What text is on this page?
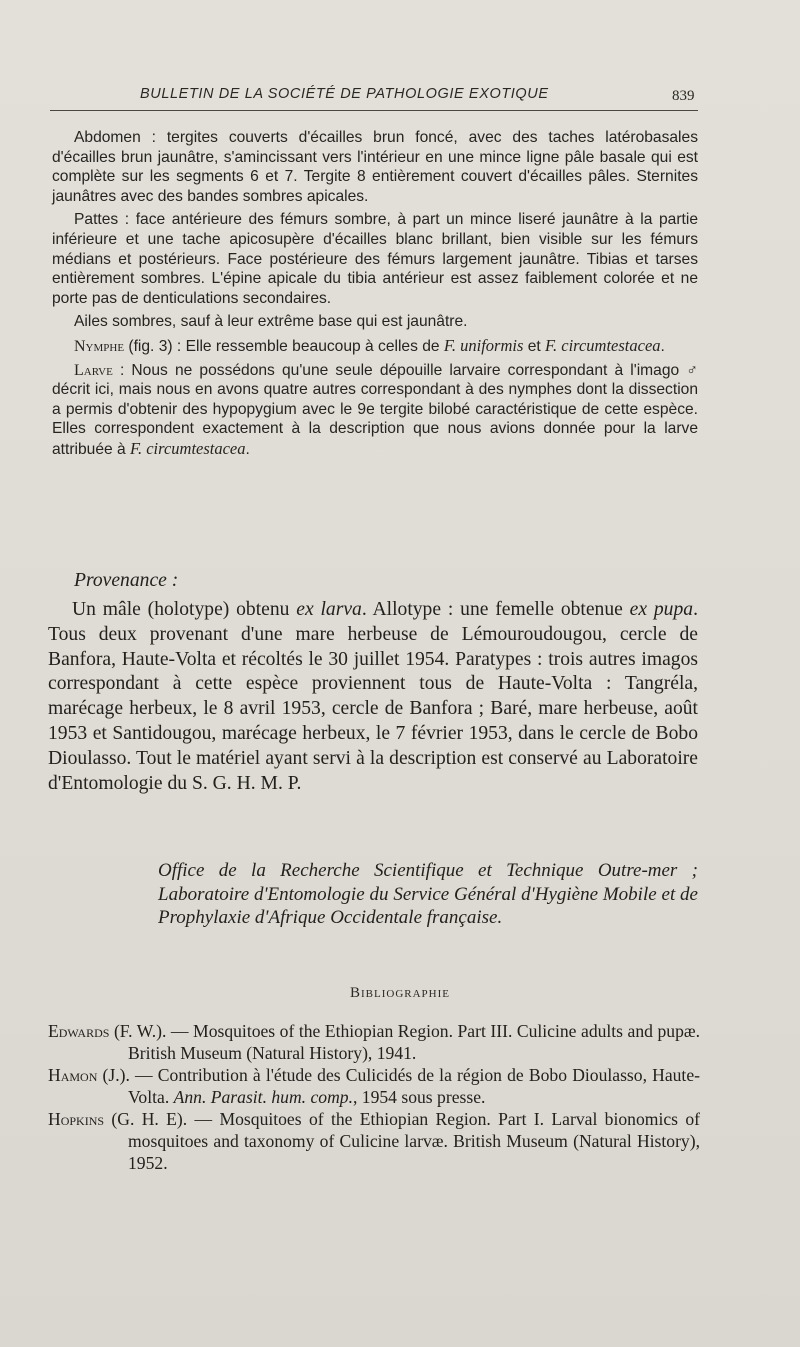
BULLETIN DE LA SOCIÉTÉ DE PATHOLOGIE EXOTIQUE	839

Abdomen : tergites couverts d'écailles brun foncé, avec des taches latérobasales d'écailles brun jaunâtre, s'amincissant vers l'intérieur en une mince ligne pâle basale qui est complète sur les segments 6 et 7. Tergite 8 entièrement couvert d'écailles pâles. Sternites jaunâtres avec des bandes sombres apicales.

Pattes : face antérieure des fémurs sombre, à part un mince liseré jaunâtre à la partie inférieure et une tache apicosupère d'écailles blanc brillant, bien visible sur les fémurs médians et postérieurs. Face postérieure des fémurs largement jaunâtre. Tibias et tarses entièrement sombres. L'épine apicale du tibia antérieur est assez faiblement colorée et ne porte pas de denticulations secondaires.

Ailes sombres, sauf à leur extrême base qui est jaunâtre.

Nymphe (fig. 3) : Elle ressemble beaucoup à celles de F. uniformis et F. circumtestacea.

Larve : Nous ne possédons qu'une seule dépouille larvaire correspondant à l'imago ♂ décrit ici, mais nous en avons quatre autres correspondant à des nymphes dont la dissection a permis d'obtenir des hypopygium avec le 9e tergite bilobé caractéristique de cette espèce. Elles correspondent exactement à la description que nous avions donnée pour la larve attribuée à F. circumtestacea.

Provenance :

Un mâle (holotype) obtenu ex larva. Allotype : une femelle obtenue ex pupa. Tous deux provenant d'une mare herbeuse de Lémouroudougou, cercle de Banfora, Haute-Volta et récoltés le 30 juillet 1954. Paratypes : trois autres imagos correspondant à cette espèce proviennent tous de Haute-Volta : Tangréla, marécage herbeux, le 8 avril 1953, cercle de Banfora ; Baré, mare herbeuse, août 1953 et Santidougou, marécage herbeux, le 7 février 1953, dans le cercle de Bobo Dioulasso. Tout le matériel ayant servi à la description est conservé au Laboratoire d'Entomologie du S. G. H. M. P.

Office de la Recherche Scientifique et Technique Outre-mer ; Laboratoire d'Entomologie du Service Général d'Hygiène Mobile et de Prophylaxie d'Afrique Occidentale française.
Bibliographie
Edwards (F. W.). — Mosquitoes of the Ethiopian Region. Part III. Culicine adults and pupæ. British Museum (Natural History), 1941.
Hamon (J.). — Contribution à l'étude des Culicidés de la région de Bobo Dioulasso, Haute-Volta. Ann. Parasit. hum. comp., 1954 sous presse.
Hopkins (G. H. E). — Mosquitoes of the Ethiopian Region. Part I. Larval bionomics of mosquitoes and taxonomy of Culicine larvæ. British Museum (Natural History), 1952.
